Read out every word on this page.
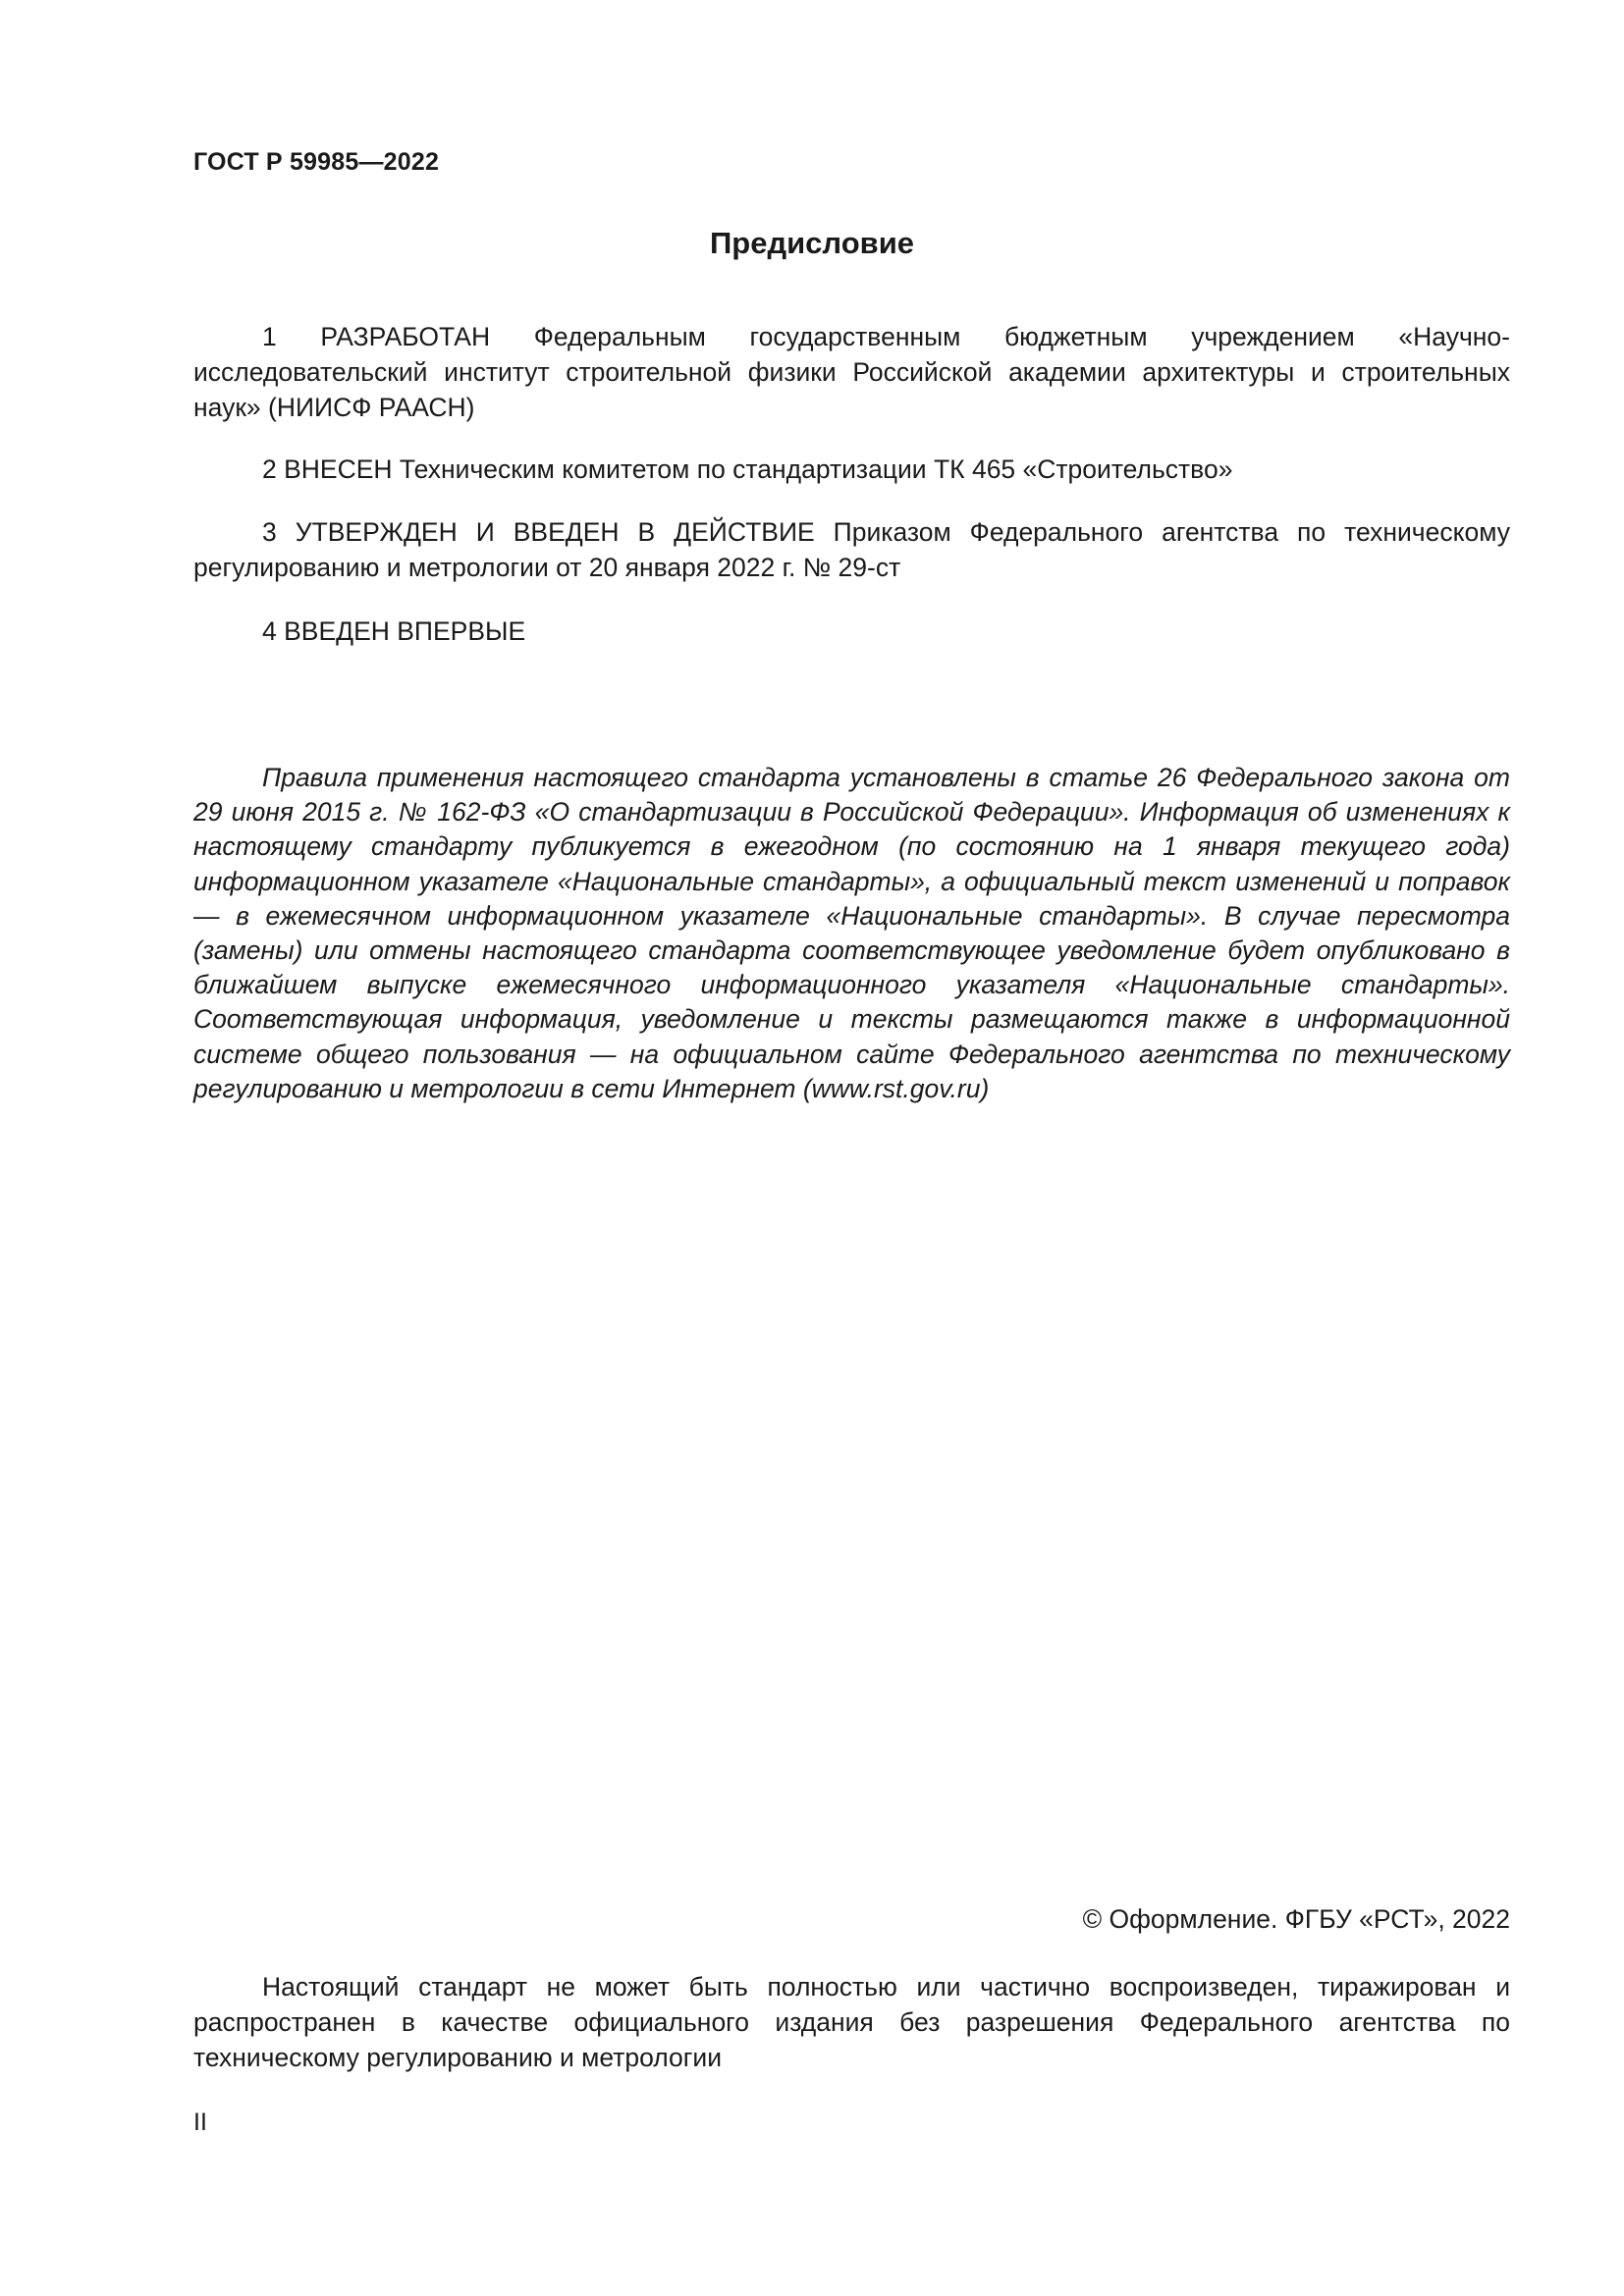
ГОСТ Р 59985—2022
Предисловие

1 РАЗРАБОТАН Федеральным государственным бюджетным учреждением «Научно-исследовательский институт строительной физики Российской академии архитектуры и строительных наук» (НИИСФ РААСН)

2 ВНЕСЕН Техническим комитетом по стандартизации ТК 465 «Строительство»

3 УТВЕРЖДЕН И ВВЕДЕН В ДЕЙСТВИЕ Приказом Федерального агентства по техническому регулированию и метрологии от 20 января 2022 г. № 29-ст

4 ВВЕДЕН ВПЕРВЫЕ

Правила применения настоящего стандарта установлены в статье 26 Федерального закона от 29 июня 2015 г. № 162-ФЗ «О стандартизации в Российской Федерации». Информация об изменениях к настоящему стандарту публикуется в ежегодном (по состоянию на 1 января текущего года) информационном указателе «Национальные стандарты», а официальный текст изменений и поправок — в ежемесячном информационном указателе «Национальные стандарты». В случае пересмотра (замены) или отмены настоящего стандарта соответствующее уведомление будет опубликовано в ближайшем выпуске ежемесячного информационного указателя «Национальные стандарты». Соответствующая информация, уведомление и тексты размещаются также в информационной системе общего пользования — на официальном сайте Федерального агентства по техническому регулированию и метрологии в сети Интернет (www.rst.gov.ru)

© Оформление. ФГБУ «РСТ», 2022

Настоящий стандарт не может быть полностью или частично воспроизведен, тиражирован и распространен в качестве официального издания без разрешения Федерального агентства по техническому регулированию и метрологии

II
